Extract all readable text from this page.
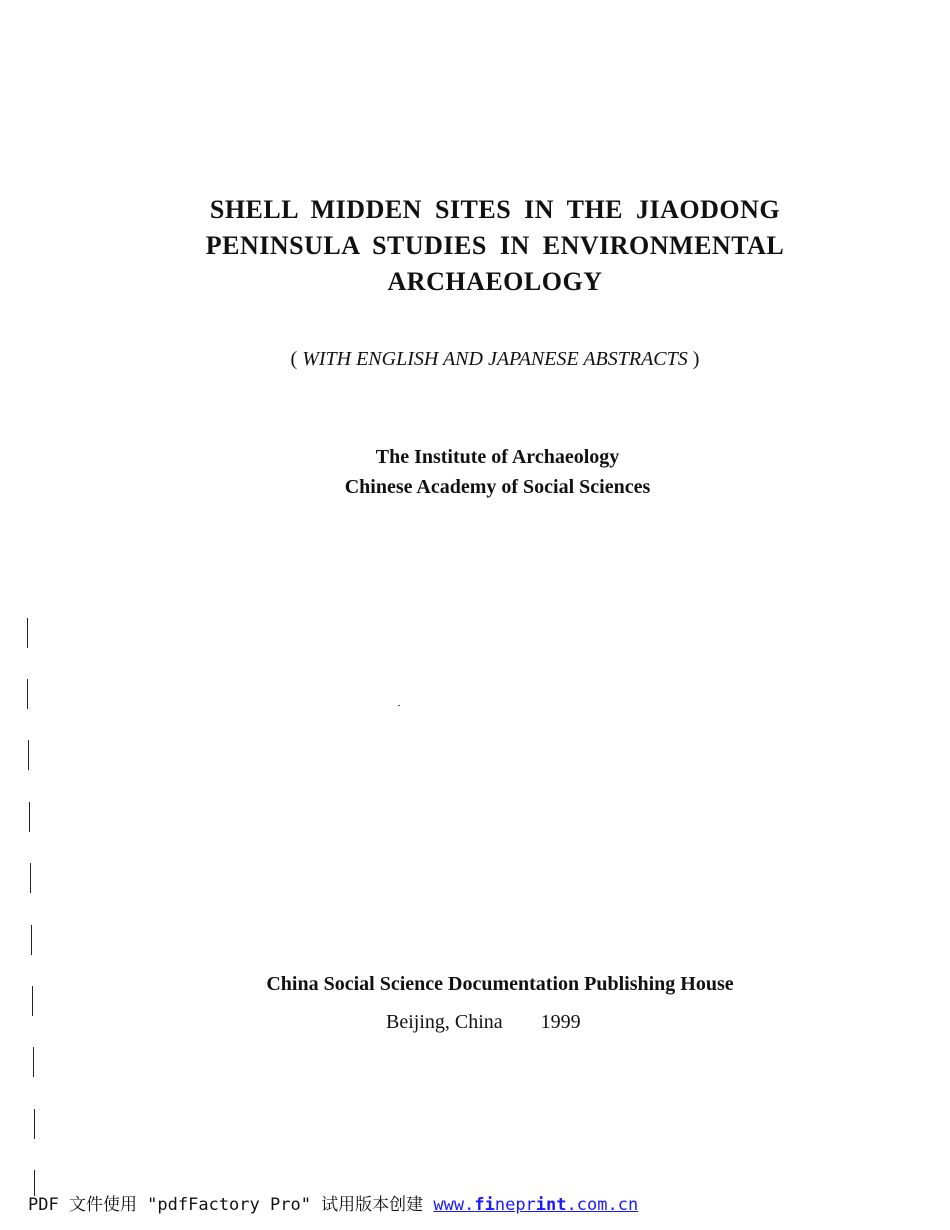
SHELL MIDDEN SITES IN THE JIAODONG
PENINSULA STUDIES IN ENVIRONMENTAL
ARCHAEOLOGY
( WITH ENGLISH AND JAPANESE ABSTRACTS )
The Institute of Archaeology
Chinese Academy of Social Sciences
China Social Science Documentation Publishing House
Beijing, China 1999
PDF 文件使用 "pdfFactory Pro" 试用版本创建 www.fineprint.com.cn
